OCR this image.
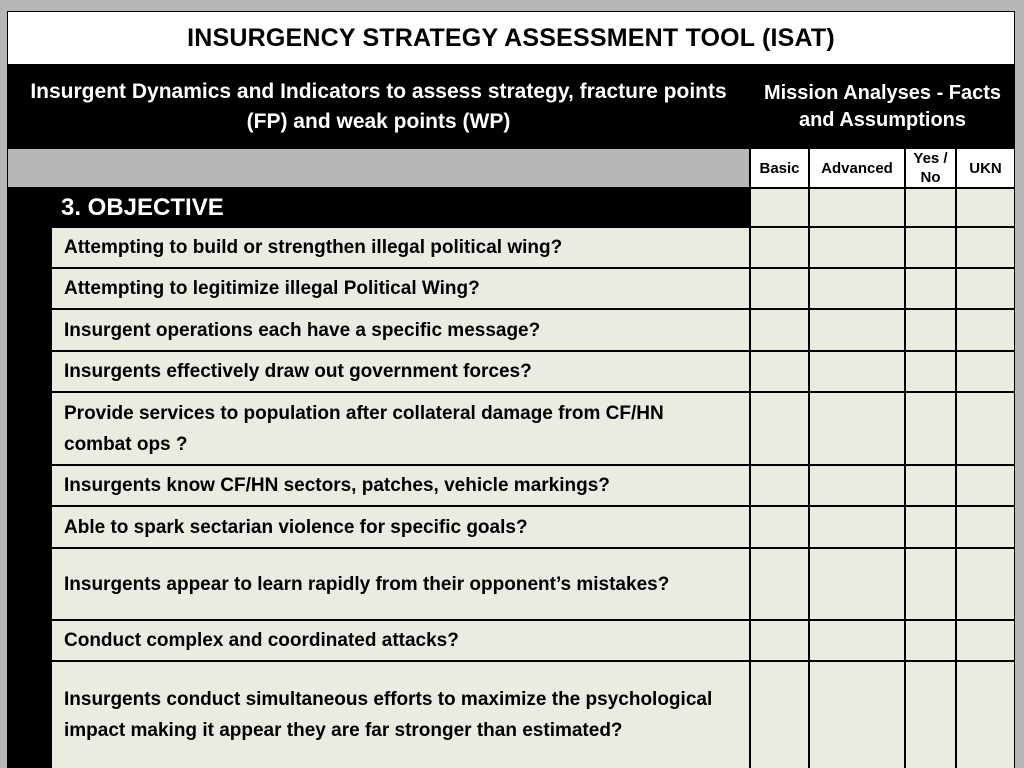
INSURGENCY STRATEGY ASSESSMENT TOOL (ISAT)
Insurgent Dynamics and Indicators to assess strategy, fracture points (FP) and weak points (WP)
Mission Analyses - Facts and Assumptions
Basic	Advanced
Yes / No
UKN
3. OBJECTIVE
Attempting to build or strengthen illegal political wing?
Attempting to legitimize illegal Political Wing?
Insurgent operations each have a specific message?
Insurgents effectively draw out government forces?
Provide services to population after collateral damage from CF/HN combat ops ?
Insurgents know CF/HN sectors, patches, vehicle markings?
Able to spark sectarian violence for specific goals?
Insurgents appear to learn rapidly from their opponent’s mistakes?
Conduct complex and coordinated attacks?
Insurgents conduct simultaneous efforts to maximize the psychological impact making it appear they are far stronger than estimated?
